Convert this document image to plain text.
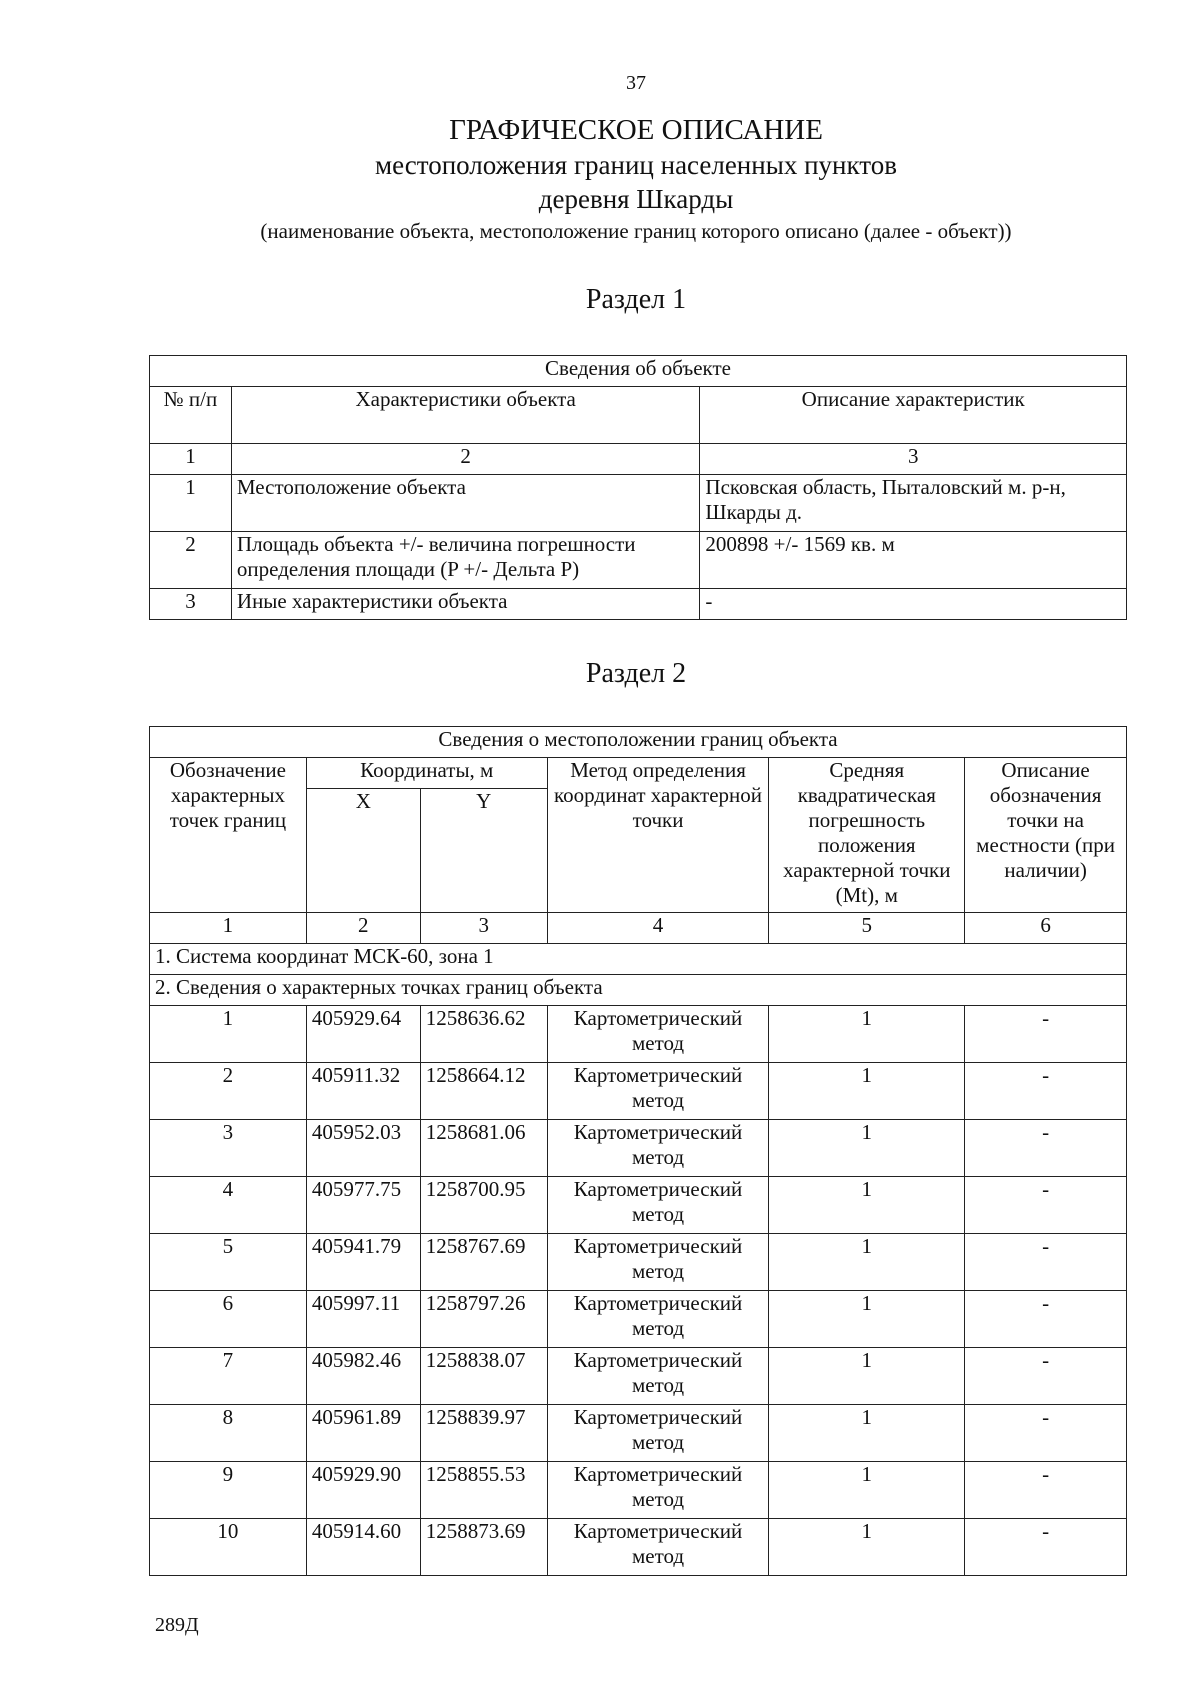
37
ГРАФИЧЕСКОЕ ОПИСАНИЕ
местоположения границ населенных пунктов
деревня Шкарды
(наименование объекта, местоположение границ которого описано (далее - объект))
Раздел 1
Сведения об объекте		
№ п/п	Характеристики объекта	Описание характеристик
1	2	3
1	Местоположение объекта	Псковская область, Пыталовский м. р-н, Шкарды д.
2	Площадь объекта +/- величина погрешности определения площади (P +/- Дельта P)	200898 +/- 1569 кв. м
3	Иные характеристики объекта	-
Раздел 2
Сведения о местоположении границ объекта					
Обозначение характерных точек границ	Координаты, м		Метод определения координат характерной точки	Средняя квадратическая погрешность положения характерной точки (Mt), м	Описание обозначения точки на местности (при наличии)
	X	Y			
1	2	3	4	5	6
1. Система координат МСК-60, зона 1					
2. Сведения о характерных точках границ объекта					
1	405929.64	1258636.62	Картометрический метод	1	-
2	405911.32	1258664.12	Картометрический метод	1	-
3	405952.03	1258681.06	Картометрический метод	1	-
4	405977.75	1258700.95	Картометрический метод	1	-
5	405941.79	1258767.69	Картометрический метод	1	-
6	405997.11	1258797.26	Картометрический метод	1	-
7	405982.46	1258838.07	Картометрический метод	1	-
8	405961.89	1258839.97	Картометрический метод	1	-
9	405929.90	1258855.53	Картометрический метод	1	-
10	405914.60	1258873.69	Картометрический метод	1	-
289Д
